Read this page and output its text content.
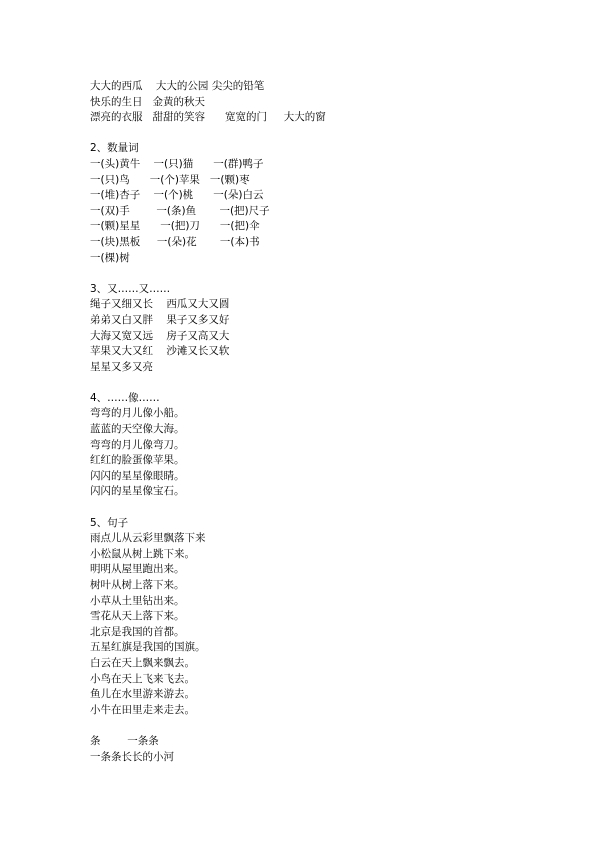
大大的西瓜    大大的公园 尖尖的铅笔
快乐的生日   金黄的秋天
漂亮的衣服   甜甜的笑容      宽宽的门     大大的窗
2、数量词
一(头)黄牛    一(只)猫      一(群)鸭子
一(只)鸟      一(个)苹果   一(颗)枣
一(堆)杏子    一(个)桃      一(朵)白云
一(双)手        一(条)鱼       一(把)尺子
一(颗)星星      一(把)刀      一(把)伞
一(块)黑板     一(朵)花       一(本)书
一(棵)树
3、又……又……
绳子又细又长    西瓜又大又圆
弟弟又白又胖    果子又多又好
大海又宽又远    房子又高又大
苹果又大又红    沙滩又长又软
星星又多又亮
4、……像……
弯弯的月儿像小船。
蓝蓝的天空像大海。
弯弯的月儿像弯刀。
红红的脸蛋像苹果。
闪闪的星星像眼睛。
闪闪的星星像宝石。
5、句子
雨点儿从云彩里飘落下来
小松鼠从树上跳下来。
明明从屋里跑出来。
树叶从树上落下来。
小草从土里钻出来。
雪花从天上落下来。
北京是我国的首都。
五星红旗是我国的国旗。
白云在天上飘来飘去。
小鸟在天上飞来飞去。
鱼儿在水里游来游去。
小牛在田里走来走去。
条        一条条
一条条长长的小河
